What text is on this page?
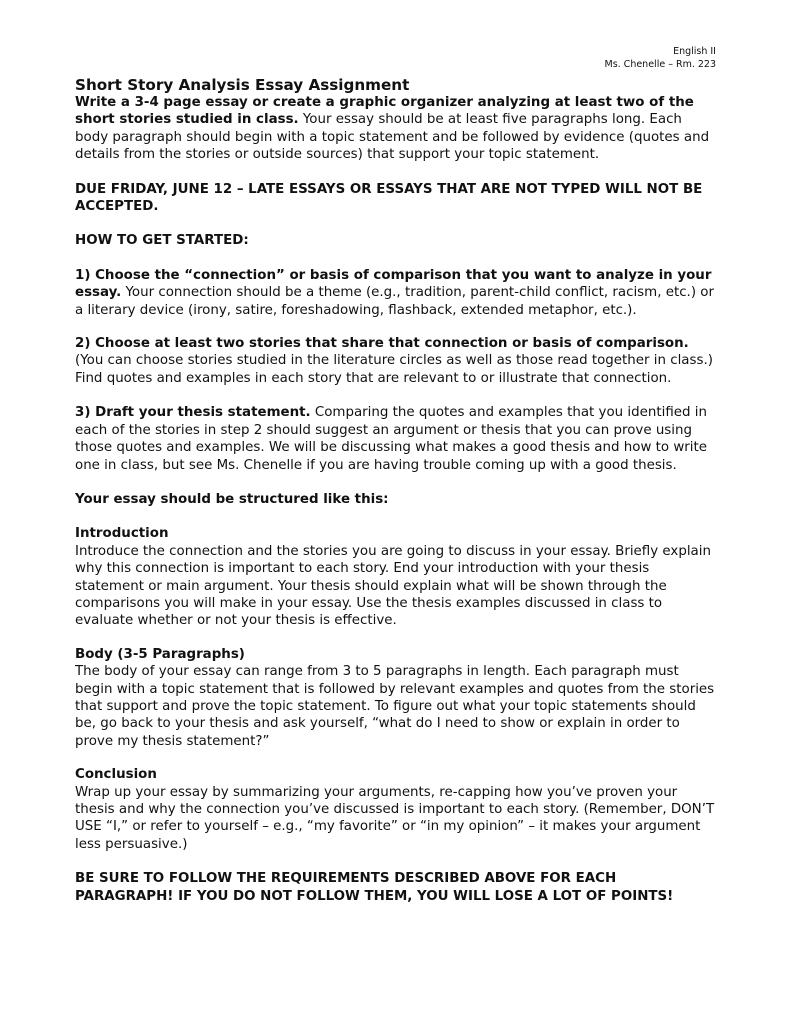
English II
Ms. Chenelle – Rm. 223
Short Story Analysis Essay Assignment

Write a 3-4 page essay or create a graphic organizer analyzing at least two of the short stories studied in class. Your essay should be at least five paragraphs long. Each body paragraph should begin with a topic statement and be followed by evidence (quotes and details from the stories or outside sources) that support your topic statement.

DUE FRIDAY, JUNE 12 – LATE ESSAYS OR ESSAYS THAT ARE NOT TYPED WILL NOT BE ACCEPTED.

HOW TO GET STARTED:

1) Choose the “connection” or basis of comparison that you want to analyze in your essay. Your connection should be a theme (e.g., tradition, parent-child conflict, racism, etc.) or a literary device (irony, satire, foreshadowing, flashback, extended metaphor, etc.).

2) Choose at least two stories that share that connection or basis of comparison. (You can choose stories studied in the literature circles as well as those read together in class.) Find quotes and examples in each story that are relevant to or illustrate that connection.

3) Draft your thesis statement. Comparing the quotes and examples that you identified in each of the stories in step 2 should suggest an argument or thesis that you can prove using those quotes and examples. We will be discussing what makes a good thesis and how to write one in class, but see Ms. Chenelle if you are having trouble coming up with a good thesis.

Your essay should be structured like this:

Introduction

Introduce the connection and the stories you are going to discuss in your essay. Briefly explain why this connection is important to each story. End your introduction with your thesis statement or main argument. Your thesis should explain what will be shown through the comparisons you will make in your essay. Use the thesis examples discussed in class to evaluate whether or not your thesis is effective.

Body (3-5 Paragraphs)

The body of your essay can range from 3 to 5 paragraphs in length. Each paragraph must begin with a topic statement that is followed by relevant examples and quotes from the stories that support and prove the topic statement. To figure out what your topic statements should be, go back to your thesis and ask yourself, “what do I need to show or explain in order to prove my thesis statement?”

Conclusion

Wrap up your essay by summarizing your arguments, re-capping how you’ve proven your thesis and why the connection you’ve discussed is important to each story. (Remember, DON’T USE “I,” or refer to yourself – e.g., “my favorite” or “in my opinion” – it makes your argument less persuasive.)

BE SURE TO FOLLOW THE REQUIREMENTS DESCRIBED ABOVE FOR EACH PARAGRAPH! IF YOU DO NOT FOLLOW THEM, YOU WILL LOSE A LOT OF POINTS!
